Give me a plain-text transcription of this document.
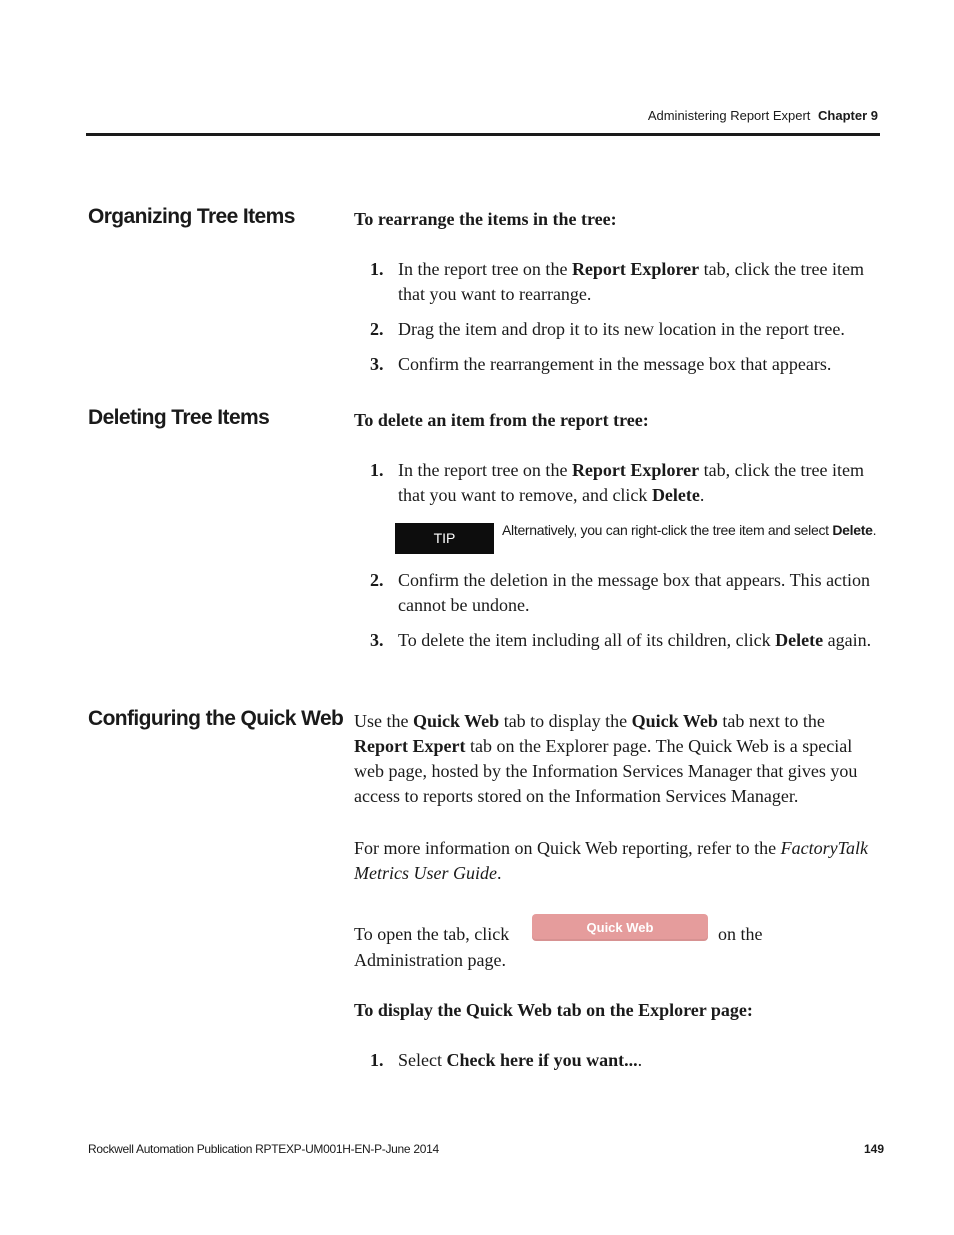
Administering Report Expert Chapter 9
Organizing Tree Items	To rearrange the items in the tree:
1. In the report tree on the Report Explorer tab, click the tree item that you want to rearrange.
2. Drag the item and drop it to its new location in the report tree.
3. Confirm the rearrangement in the message box that appears.
Deleting Tree Items	To delete an item from the report tree:
1. In the report tree on the Report Explorer tab, click the tree item that you want to remove, and click Delete.
TIP	Alternatively, you can right-click the tree item and select Delete.
2. Confirm the deletion in the message box that appears. This action cannot be undone.
3. To delete the item including all of its children, click Delete again.
Configuring the Quick Web Use the Quick Web tab to display the Quick Web tab next to the Report Expert tab on the Explorer page. The Quick Web is a special web page, hosted by the Information Services Manager that gives you access to reports stored on the Information Services Manager.
For more information on Quick Web reporting, refer to the FactoryTalk Metrics User Guide.
To open the tab, click	Quick Web	on the
Administration page.
To display the Quick Web tab on the Explorer page:
1. Select Check here if you want....
Rockwell Automation Publication RPTEXP-UM001H-EN-P-June 2014	149
